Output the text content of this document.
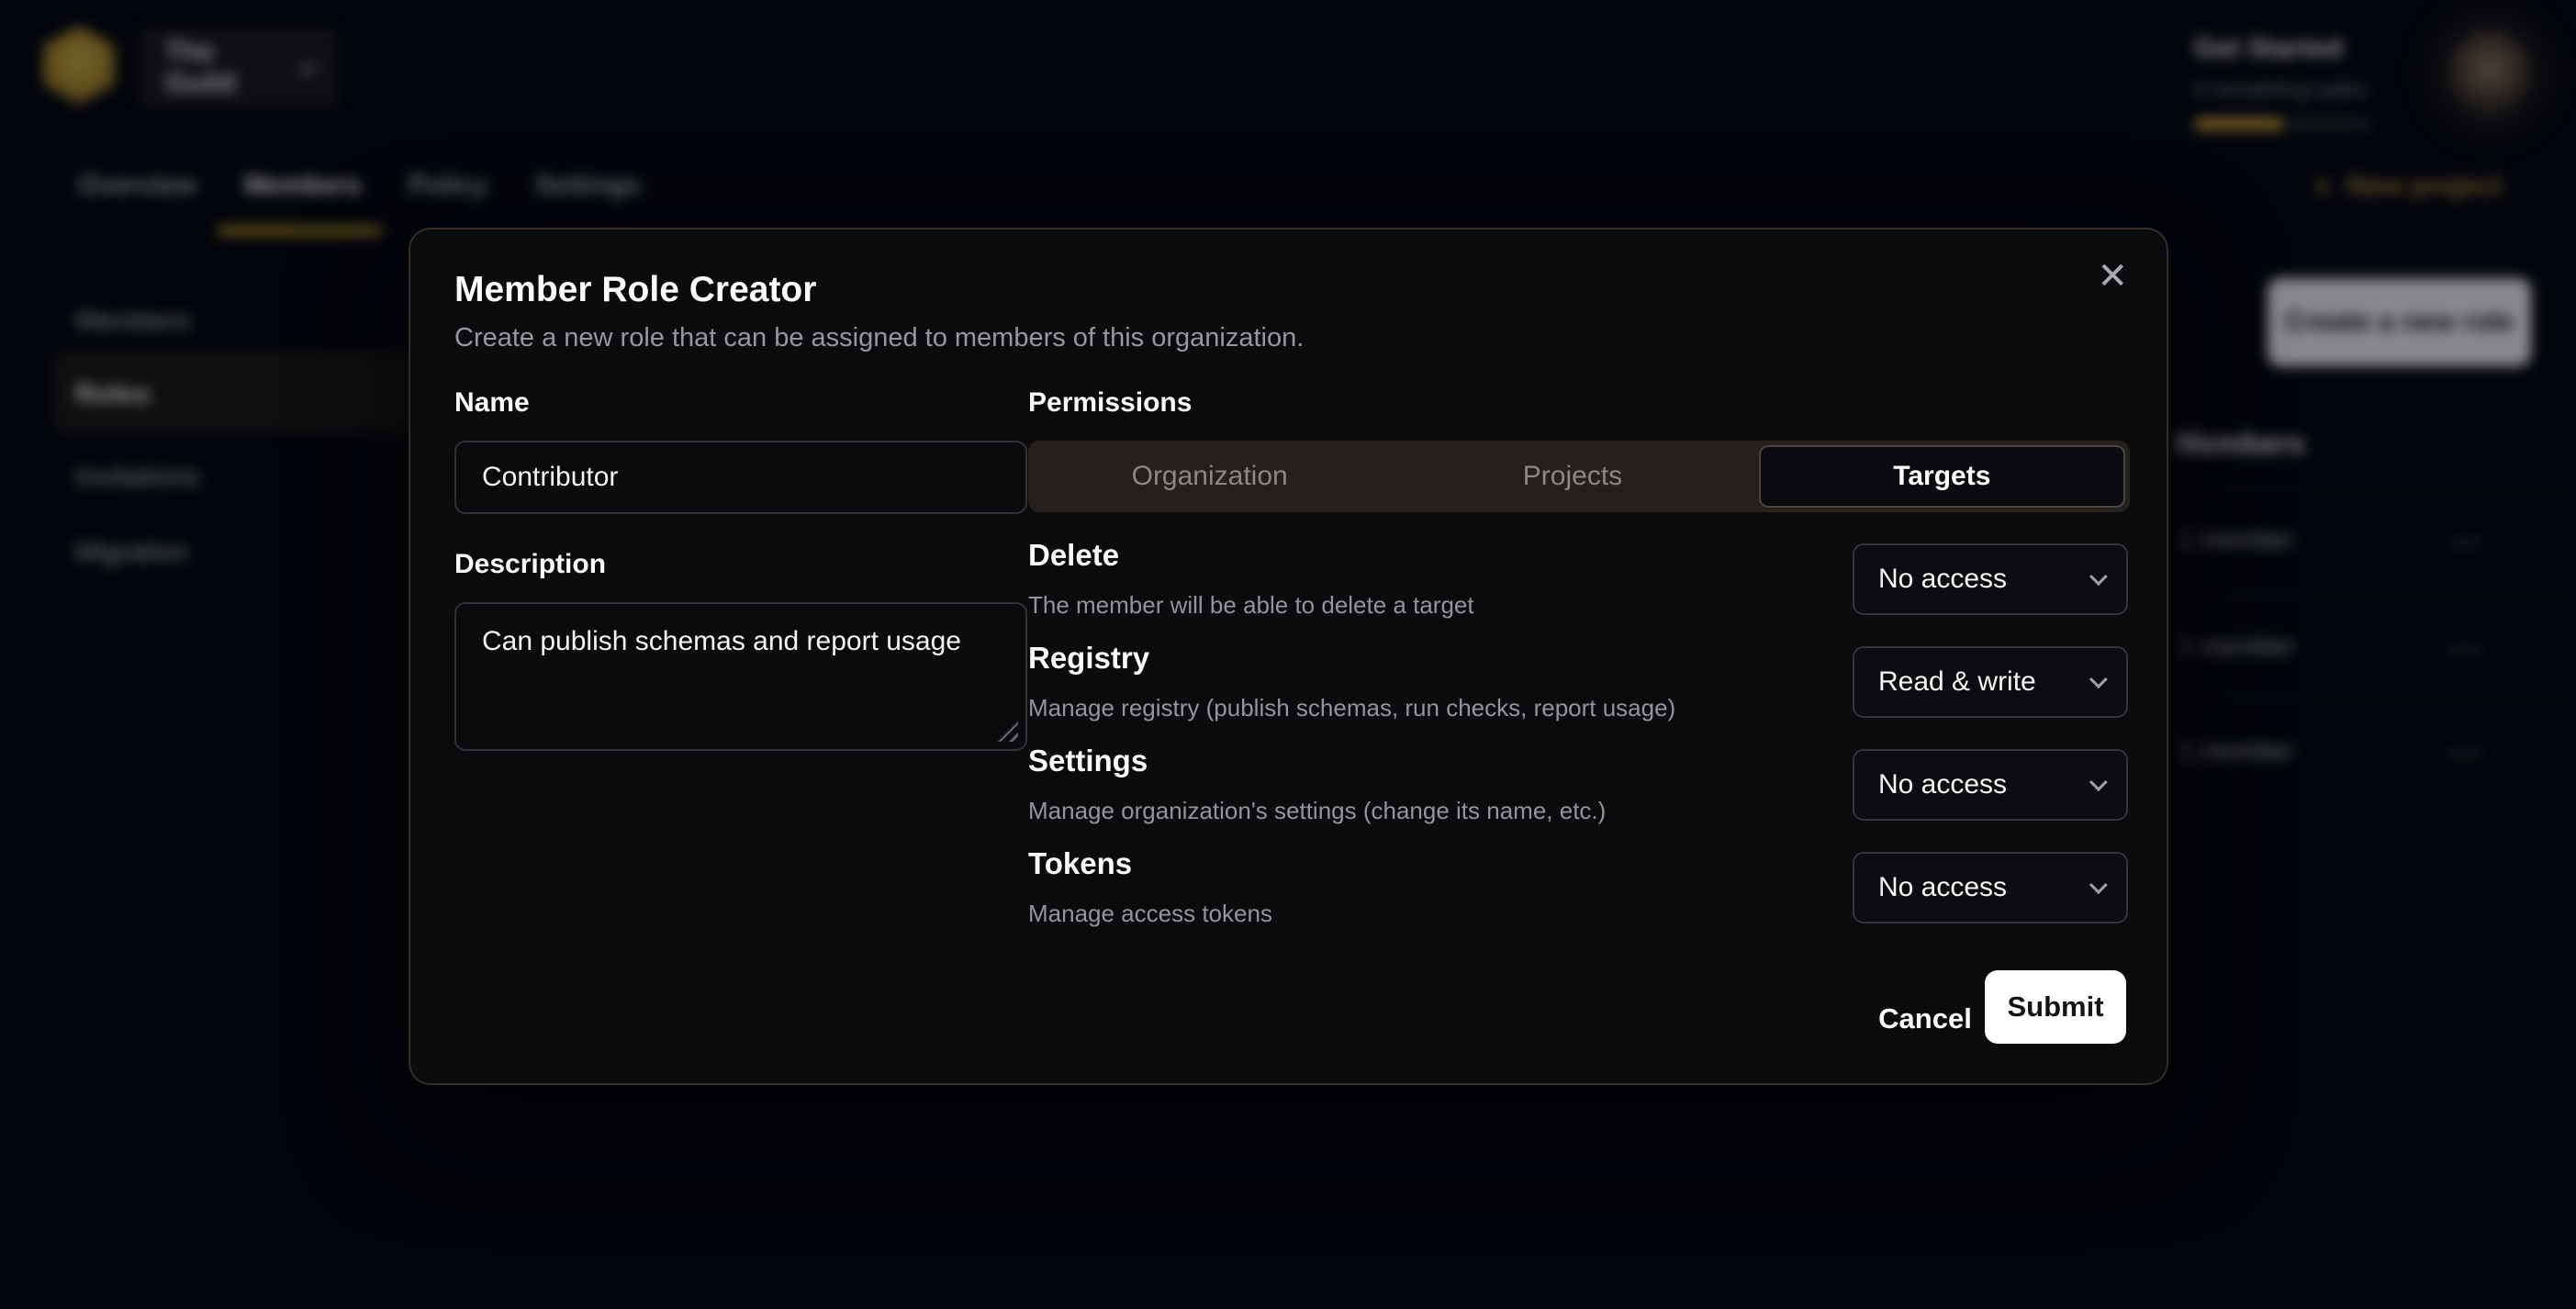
The Guild
Get Started
4 remaining tasks
Overview Members Policy Settings	+ New project
Members
Roles
Invitations
Migration
Create a new role
Members
1 member	•••
1 member	•••
1 member	•••
✕
Member Role Creator
Create a new role that can be assigned to members of this organization.
Name
Contributor
Description
Can publish schemas and report usage
Permissions
Organization	Projects	Targets
Delete
The member will be able to delete a target
No access
Registry
Manage registry (publish schemas, run checks, report usage)
Read & write
Settings
Manage organization's settings (change its name, etc.)
No access
Tokens
Manage access tokens
No access
Cancel	Submit
